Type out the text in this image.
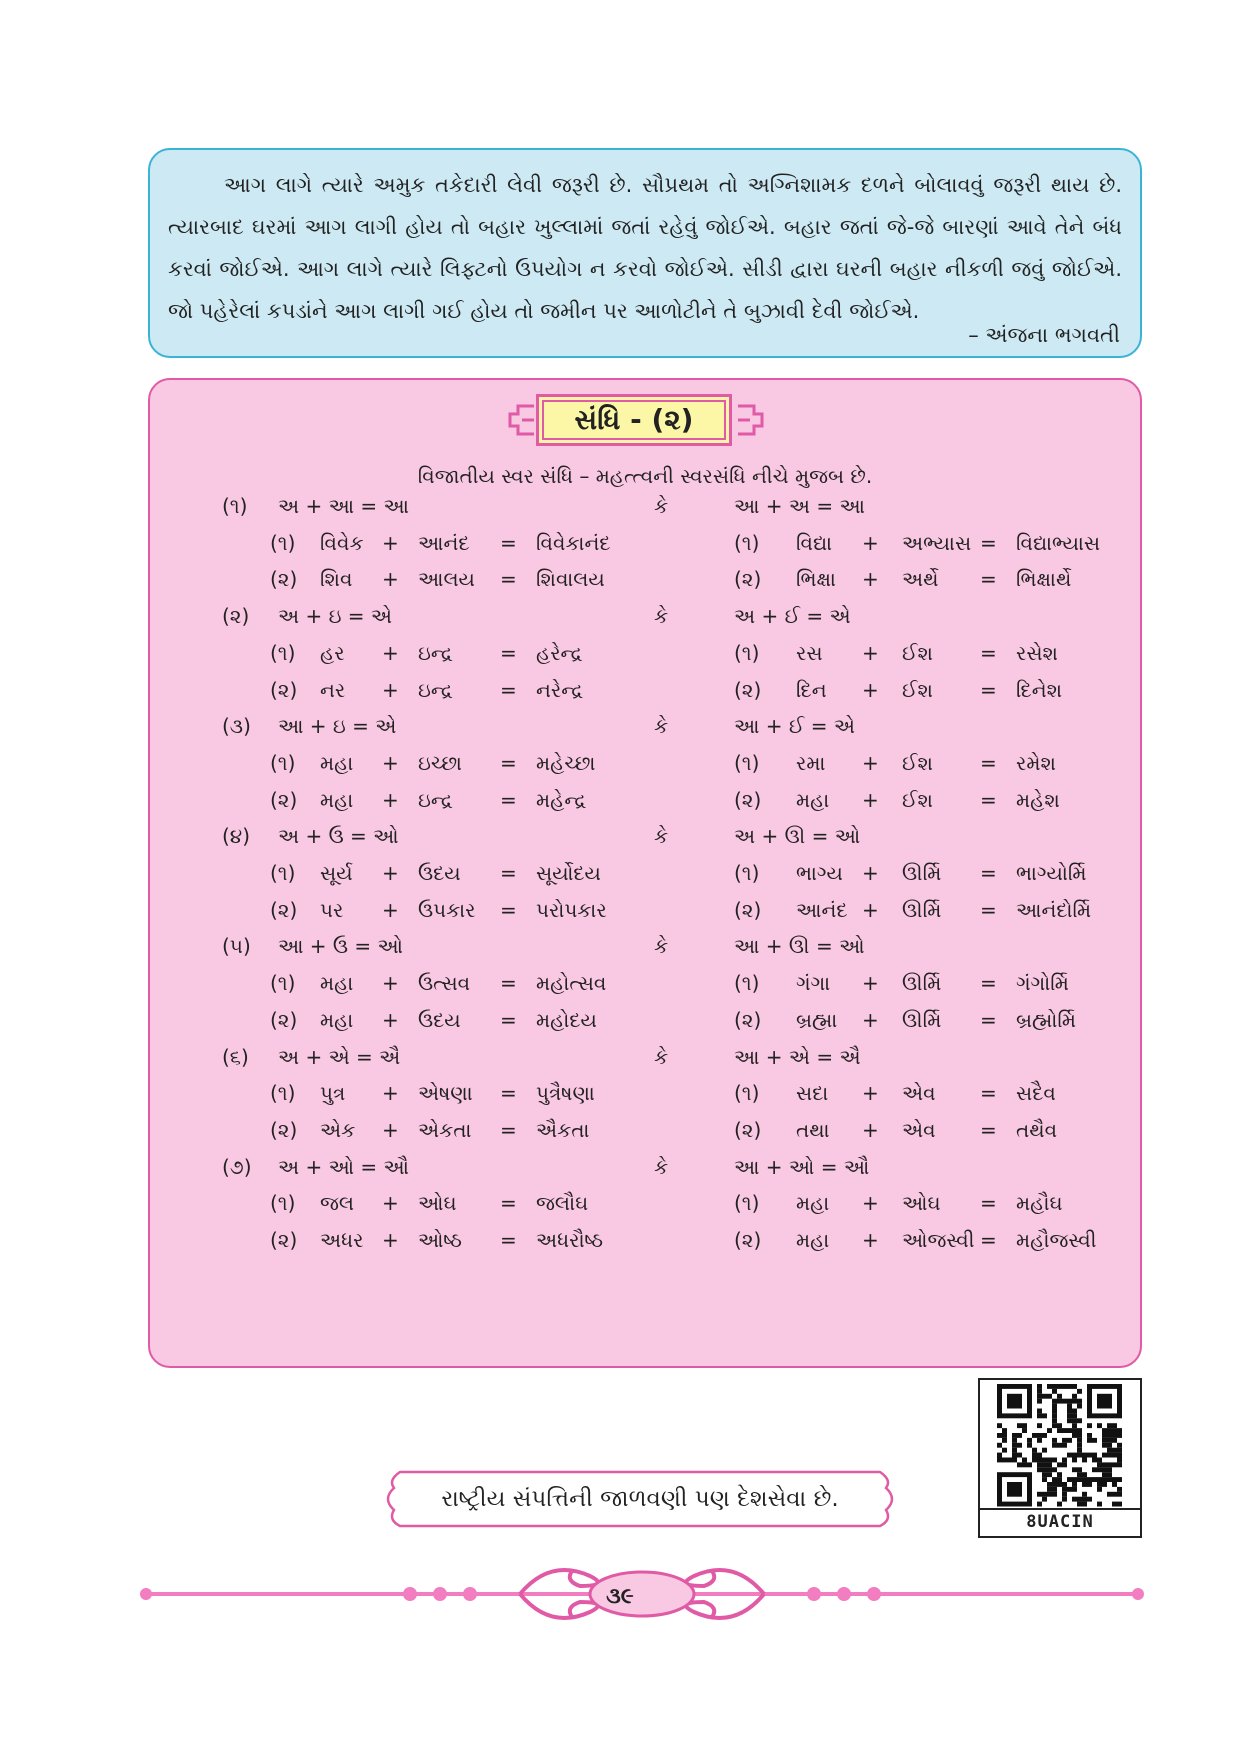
આગ લાગે ત્યારે અમુક તકેદારી લેવી જરૂરી છે. સૌપ્રથમ તો અગ્નિશામક દળને બોલાવવું જરૂરી થાય છે. ત્યારબાદ ઘરમાં આગ લાગી હોય તો બહાર ખુલ્લામાં જતાં રહેવું જોઈએ. બહાર જતાં જે-જે બારણાં આવે તેને બંધ કરવાં જોઈએ. આગ લાગે ત્યારે લિફ્ટનો ઉપયોગ ન કરવો જોઈએ. સીડી દ્વારા ઘરની બહાર નીકળી જવું જોઈએ. જો પહેરેલાં કપડાંને આગ લાગી ગઈ હોય તો જમીન પર આળોટીને તે બુઝાવી દેવી જોઈએ.

– અંજના ભગવતી
સંધિ - (૨)
વિજાતીય સ્વર સંધિ – મહત્ત્વની સ્વરસંધિ નીચે મુજબ છે.
(૧) અ + આ = આ	કે	આ + અ = આ
(૧) વિવેક + આનંદ = વિવેકાનંદ	(૧) વિદ્યા + અભ્યાસ = વિદ્યાભ્યાસ
(૨) શિવ + આલય = શિવાલય	(૨) ભિક્ષા + અર્થે = ભિક્ષાર્થે
(૨) અ + ઇ = એ	કે	અ + ઈ = એ
(૧) હર + ઇન્દ્ર = હરેન્દ્ર	(૧) રસ + ઈશ = રસેશ
(૨) નર + ઇન્દ્ર = નરેન્દ્ર	(૨) દિન + ઈશ = દિનેશ
(૩) આ + ઇ = એ	કે	આ + ઈ = એ
(૧) મહા + ઇચ્છા = મહેચ્છા	(૧) રમા + ઈશ = રમેશ
(૨) મહા + ઇન્દ્ર = મહેન્દ્ર	(૨) મહા + ઈશ = મહેશ
(૪) અ + ઉ = ઓ	કે	અ + ઊ = ઓ
(૧) સૂર્ય + ઉદય = સૂર્યોદય	(૧) ભાગ્ય + ઊર્મિ = ભાગ્યોર્મિ
(૨) પર + ઉપકાર = પરોપકાર	(૨) આનંદ + ઊર્મિ = આનંદોર્મિ
(૫) આ + ઉ = ઓ	કે	આ + ઊ = ઓ
(૧) મહા + ઉત્સવ = મહોત્સવ	(૧) ગંગા + ઊર્મિ = ગંગોર્મિ
(૨) મહા + ઉદય = મહોદય	(૨) બ્રહ્મા + ઊર્મિ = બ્રહ્મોર્મિ
(૬) અ + એ = ઐ	કે	આ + એ = ઐ
(૧) પુત્ર + એષણા = પુત્રૈષણા	(૧) સદા + એવ = સદૈવ
(૨) એક + એકતા = ઐકતા	(૨) તથા + એવ = તથૈવ
(૭) અ + ઓ = ઔ	કે	આ + ઓ = ઔ
(૧) જલ + ઓઘ = જલૌઘ	(૧) મહા + ઓઘ = મહૌઘ
(૨) અધર + ઓષ્ઠ = અધરૌષ્ઠ	(૨) મહા + ઓજસ્વી = મહૌજસ્વી
રાષ્ટ્રીય સંપત્તિની જાળવણી પણ દેશસેવા છે.
8UACIN
૩૯
